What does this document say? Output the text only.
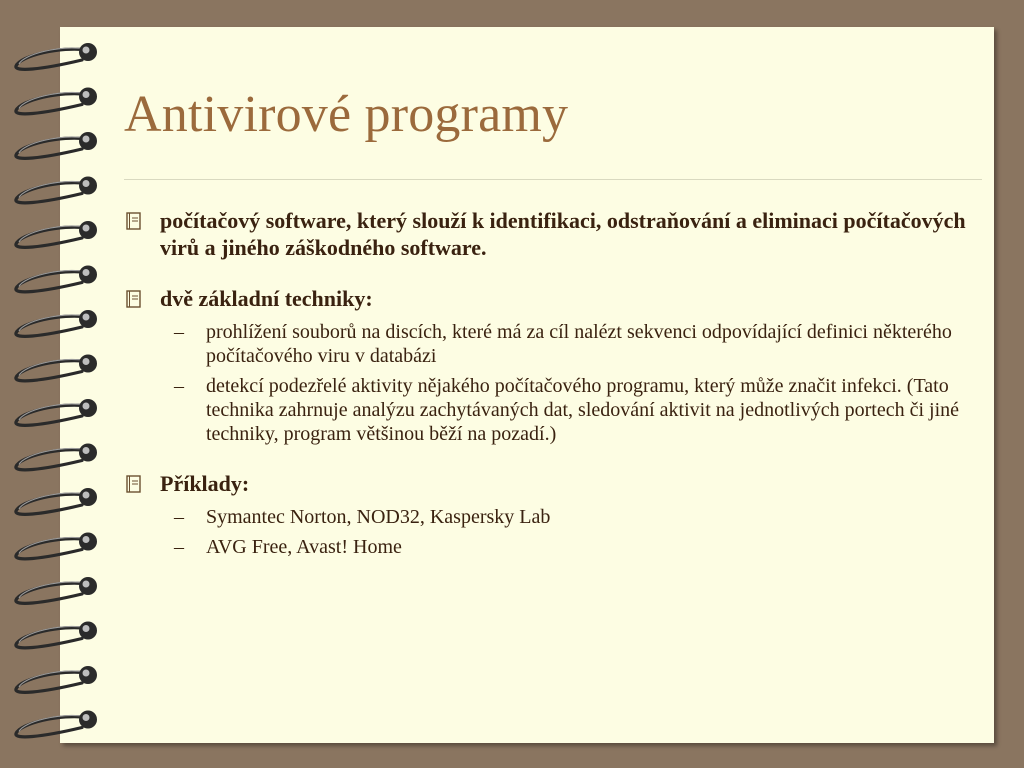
Antivirové programy
počítačový software, který slouží k identifikaci, odstraňování a eliminaci počítačových virů a jiného záškodného software.
dvě základní techniky:
– prohlížení souborů na discích, které má za cíl nalézt sekvenci odpovídající definici některého počítačového viru v databázi
– detekcí podezřelé aktivity nějakého počítačového programu, který může značit infekci. (Tato technika zahrnuje analýzu zachytávaných dat, sledování aktivit na jednotlivých portech či jiné techniky, program většinou běží na pozadí.)
Příklady:
– Symantec Norton, NOD32, Kaspersky Lab
– AVG Free, Avast! Home
